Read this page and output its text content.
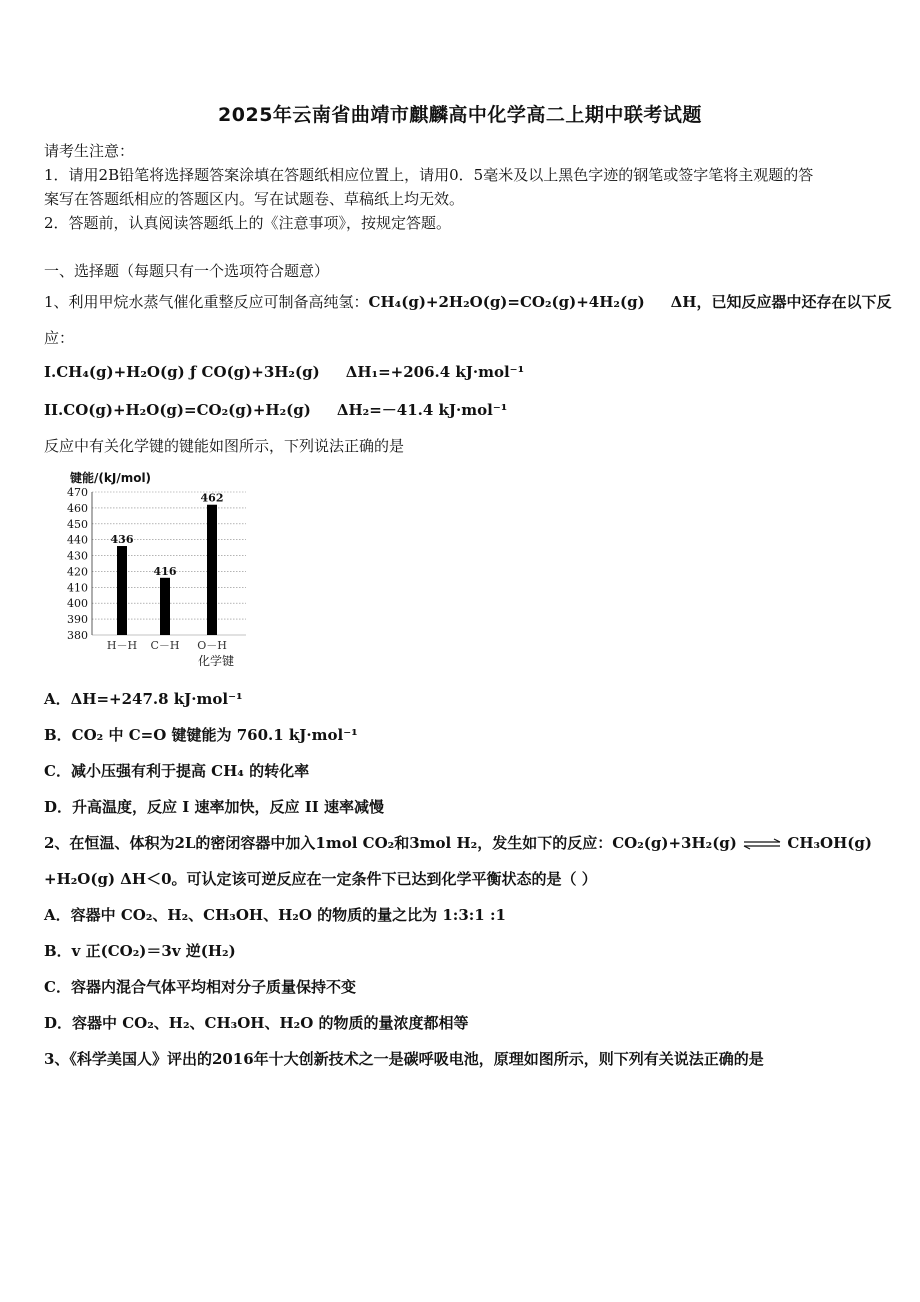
2025年云南省曲靖市麒麟高中化学高二上期中联考试题
请考生注意：
1．请用2B铅笔将选择题答案涂填在答题纸相应位置上，请用0．5毫米及以上黑色字迹的钢笔或签字笔将主观题的答
案写在答题纸相应的答题区内。写在试题卷、草稿纸上均无效。
2．答题前，认真阅读答题纸上的《注意事项》，按规定答题。
一、选择题（每题只有一个选项符合题意）
1、利用甲烷水蒸气催化重整反应可制备高纯氢：CH₄(g)+2H₂O(g)=CO₂(g)+4H₂(g) ΔH，已知反应器中还存在以下反
应：
I.CH₄(g)+H₂O(g) ƒ CO(g)+3H₂(g) ΔH₁=+206.4 kJ·mol⁻¹
II.CO(g)+H₂O(g)=CO₂(g)+H₂(g) ΔH₂=－41.4 kJ·mol⁻¹
反应中有关化学键的键能如图所示，下列说法正确的是
470
460
450
440
430
420
410
400
390
380
436
H－H
416
C－H
462
O－H
键能/(kJ/mol)
化学键
A．ΔH=+247.8 kJ·mol⁻¹
B．CO₂ 中 C=O 键键能为 760.1 kJ·mol⁻¹
C．减小压强有利于提高 CH₄ 的转化率
D．升高温度，反应 I 速率加快，反应 II 速率减慢
2、在恒温、体积为2L的密闭容器中加入1mol CO₂和3mol H₂，发生如下的反应：CO₂(g)+3H₂(g) ⇌ CH₃OH(g)
+H₂O(g) ΔH＜0。可认定该可逆反应在一定条件下已达到化学平衡状态的是（ ）
A．容器中 CO₂、H₂、CH₃OH、H₂O 的物质的量之比为 1:3:1 :1
B．v 正(CO₂)＝3v 逆(H₂)
C．容器内混合气体平均相对分子质量保持不变
D．容器中 CO₂、H₂、CH₃OH、H₂O 的物质的量浓度都相等
3、《科学美国人》评出的2016年十大创新技术之一是碳呼吸电池，原理如图所示，则下列有关说法正确的是
